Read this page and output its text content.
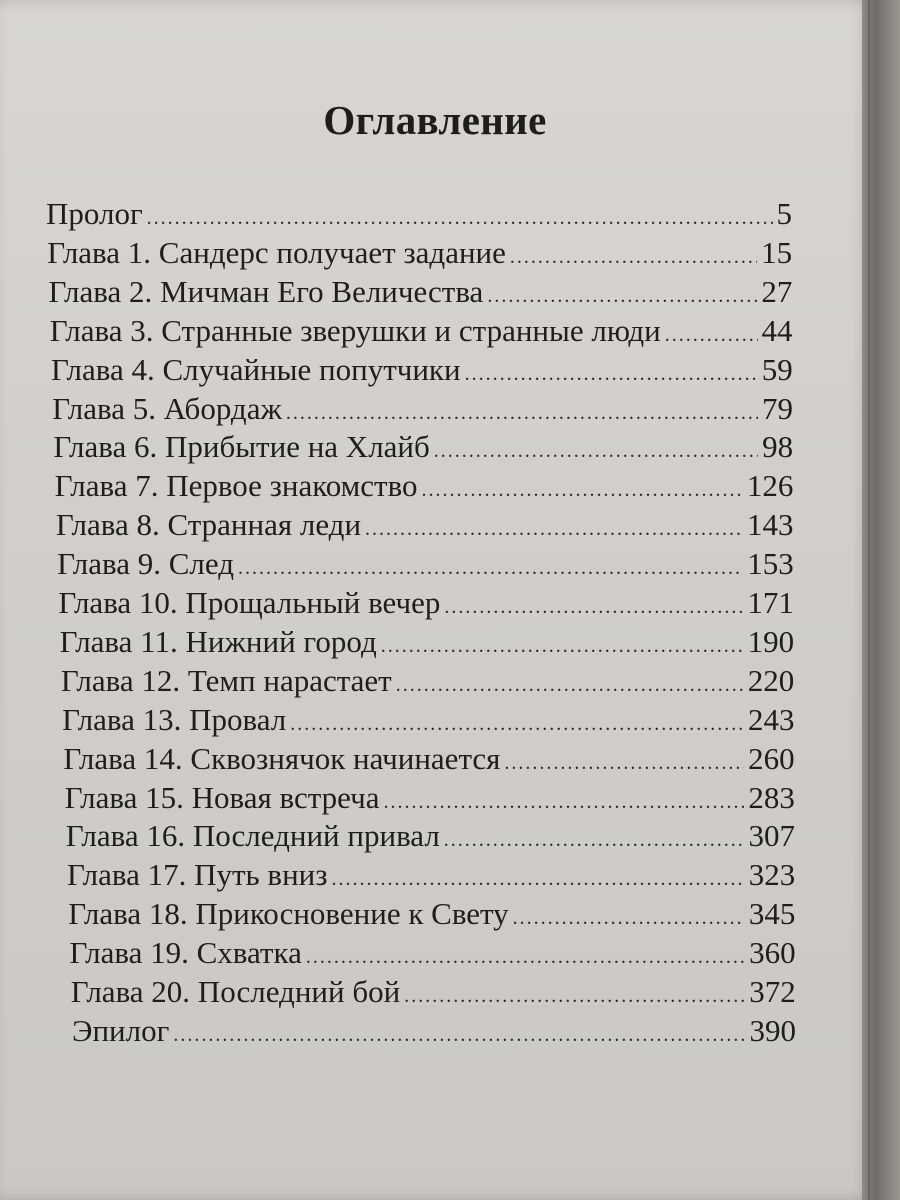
Оглавление
Пролог .....	5
Глава 1. Сандерс получает задание .....	15
Глава 2. Мичман Его Величества .....	27
Глава 3. Странные зверушки и странные люди .....	44
Глава 4. Случайные попутчики .....	59
Глава 5. Абордаж .....	79
Глава 6. Прибытие на Хлайб .....	98
Глава 7. Первое знакомство .....	126
Глава 8. Странная леди .....	143
Глава 9. След .....	153
Глава 10. Прощальный вечер .....	171
Глава 11. Нижний город .....	190
Глава 12. Темп нарастает .....	220
Глава 13. Провал .....	243
Глава 14. Сквознячок начинается .....	260
Глава 15. Новая встреча .....	283
Глава 16. Последний привал .....	307
Глава 17. Путь вниз .....	323
Глава 18. Прикосновение к Свету .....	345
Глава 19. Схватка .....	360
Глава 20. Последний бой .....	372
Эпилог .....	390
